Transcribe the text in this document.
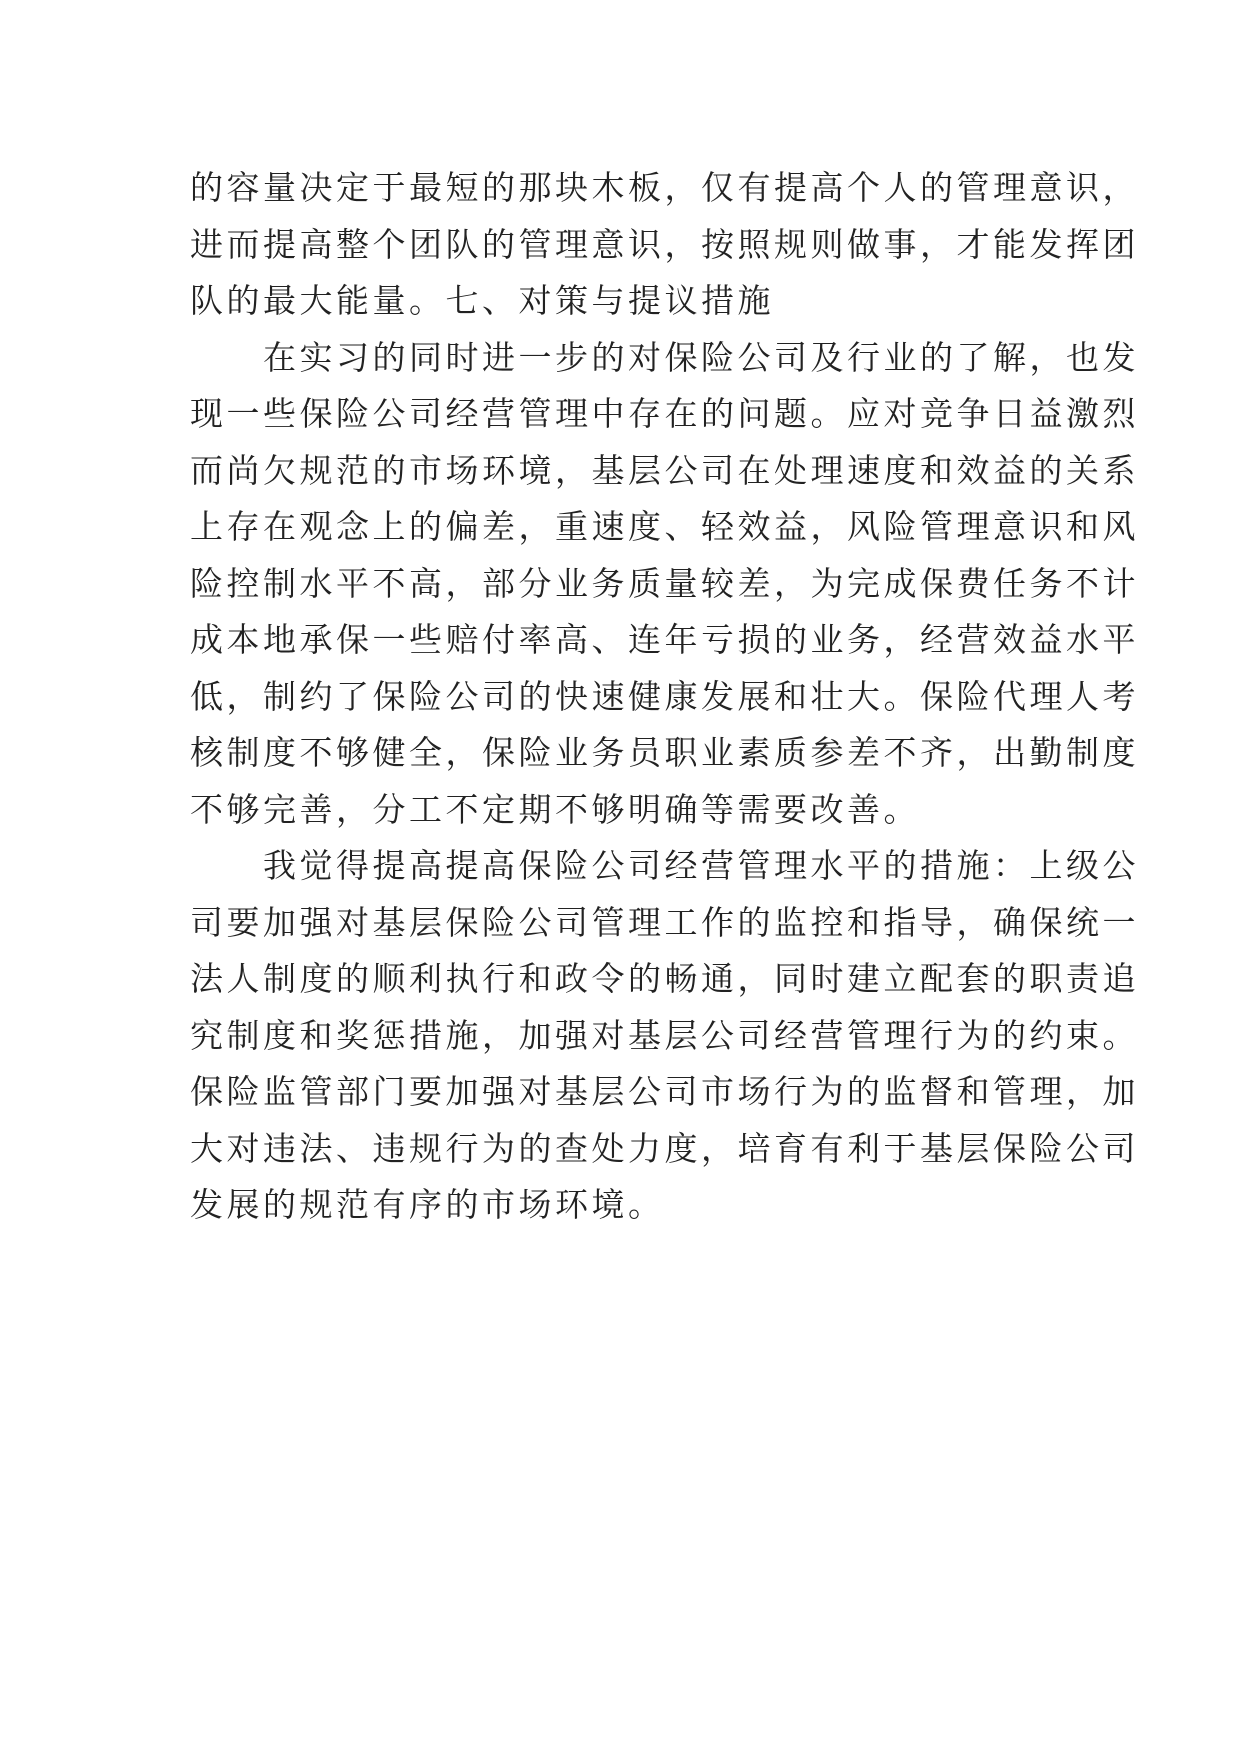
的容量决定于最短的那块木板，仅有提高个人的管理意识，
进而提高整个团队的管理意识，按照规则做事，才能发挥团
队的最大能量。七、对策与提议措施
　　在实习的同时进一步的对保险公司及行业的了解，也发
现一些保险公司经营管理中存在的问题。应对竞争日益激烈
而尚欠规范的市场环境，基层公司在处理速度和效益的关系
上存在观念上的偏差，重速度、轻效益，风险管理意识和风
险控制水平不高，部分业务质量较差，为完成保费任务不计
成本地承保一些赔付率高、连年亏损的业务，经营效益水平
低，制约了保险公司的快速健康发展和壮大。保险代理人考
核制度不够健全，保险业务员职业素质参差不齐，出勤制度
不够完善，分工不定期不够明确等需要改善。
　　我觉得提高提高保险公司经营管理水平的措施：上级公
司要加强对基层保险公司管理工作的监控和指导，确保统一
法人制度的顺利执行和政令的畅通，同时建立配套的职责追
究制度和奖惩措施，加强对基层公司经营管理行为的约束。
保险监管部门要加强对基层公司市场行为的监督和管理，加
大对违法、违规行为的查处力度，培育有利于基层保险公司
发展的规范有序的市场环境。
